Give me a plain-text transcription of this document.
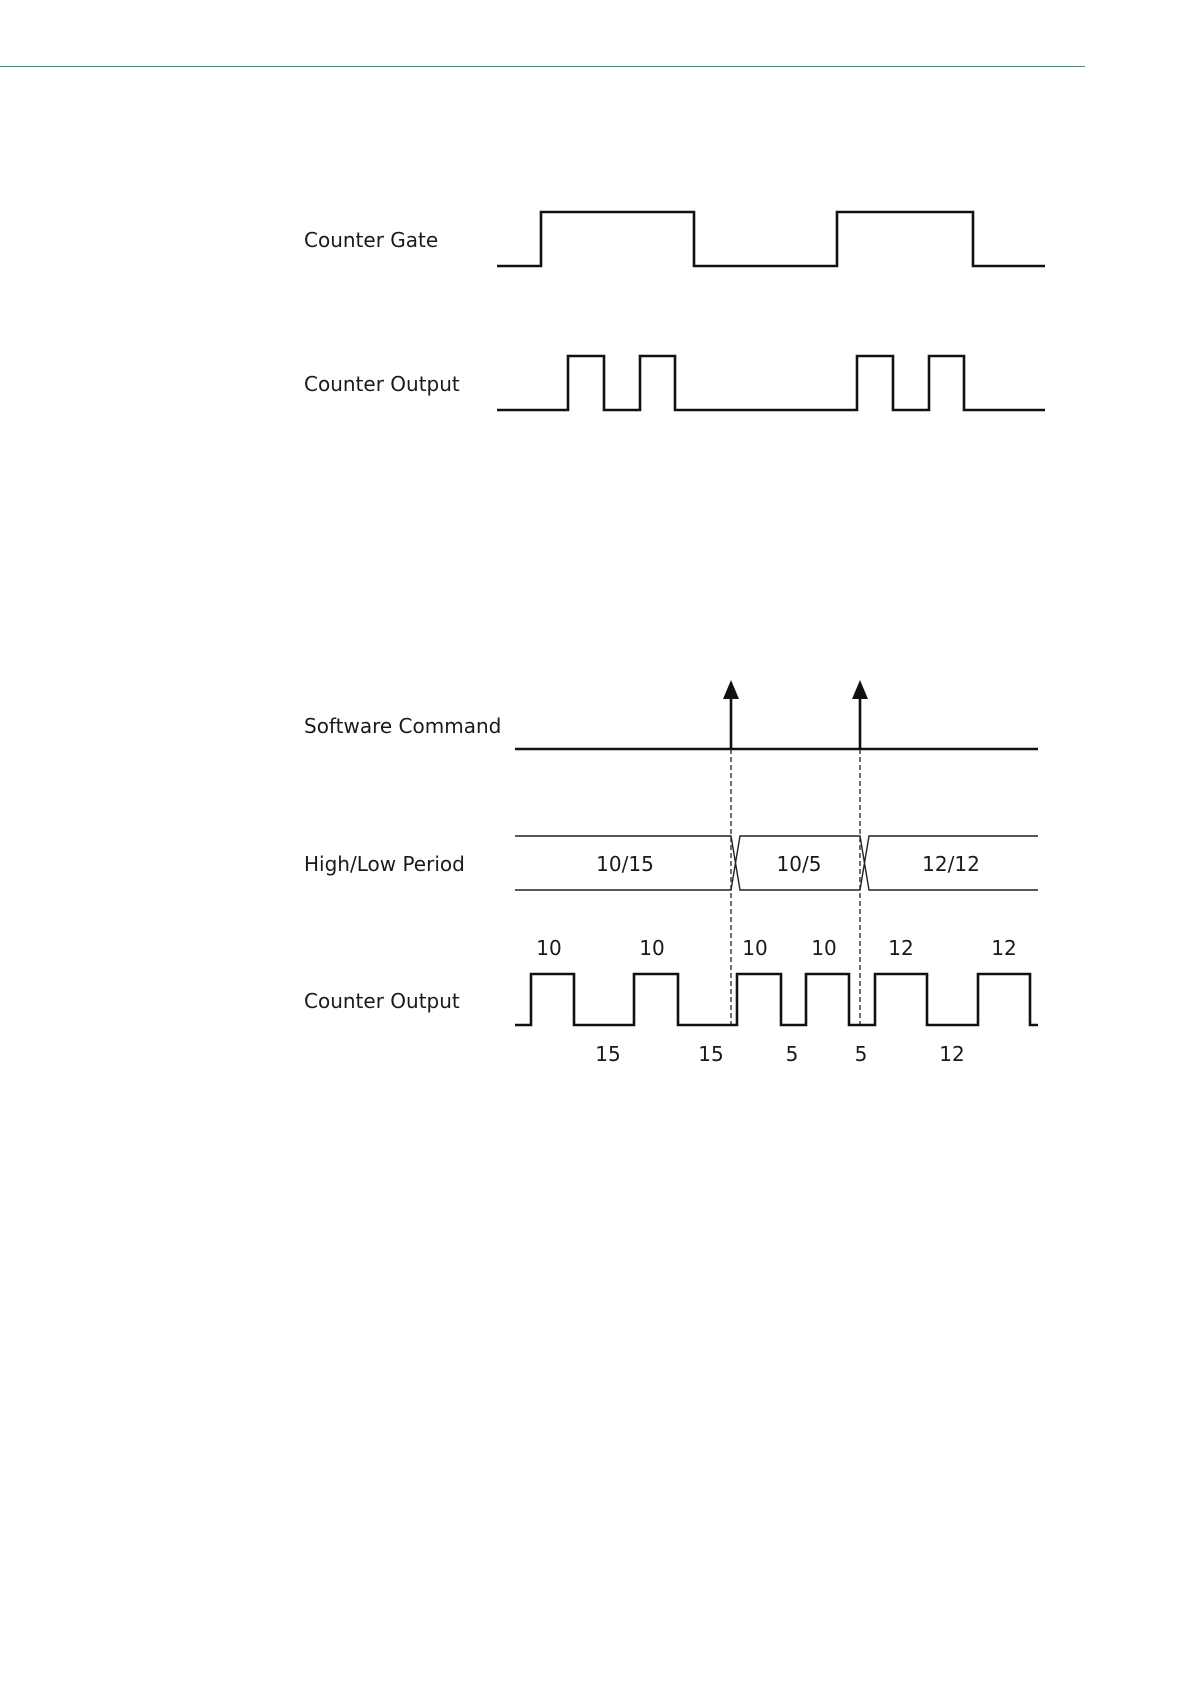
Counter Gate
Counter Output
Software Command
High/Low Period	10/15	10/5	12/12
Counter Output
10	10	10 10	12	12
15	15	5	5	12
